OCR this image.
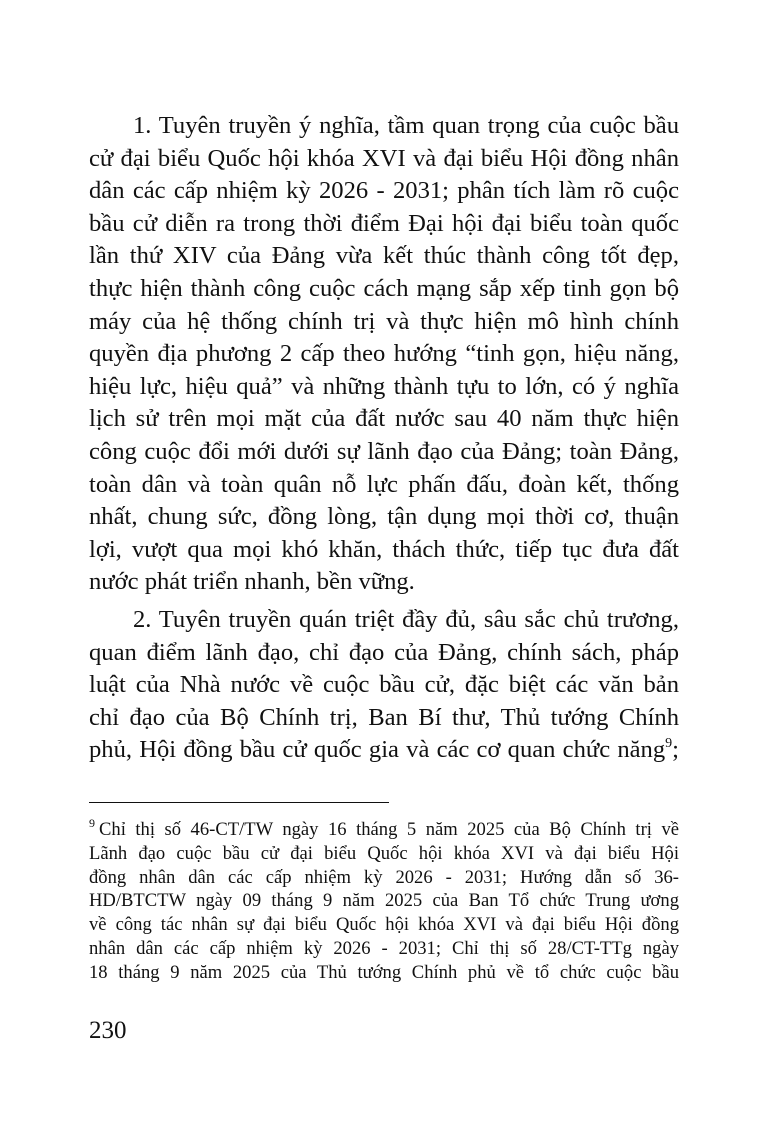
1. Tuyên truyền ý nghĩa, tầm quan trọng của cuộc bầu
cử đại biểu Quốc hội khóa XVI và đại biểu Hội đồng nhân
dân các cấp nhiệm kỳ 2026 - 2031; phân tích làm rõ cuộc
bầu cử diễn ra trong thời điểm Đại hội đại biểu toàn quốc
lần thứ XIV của Đảng vừa kết thúc thành công tốt đẹp,
thực hiện thành công cuộc cách mạng sắp xếp tinh gọn bộ
máy của hệ thống chính trị và thực hiện mô hình chính
quyền địa phương 2 cấp theo hướng “tinh gọn, hiệu năng,
hiệu lực, hiệu quả” và những thành tựu to lớn, có ý nghĩa
lịch sử trên mọi mặt của đất nước sau 40 năm thực hiện
công cuộc đổi mới dưới sự lãnh đạo của Đảng; toàn Đảng,
toàn dân và toàn quân nỗ lực phấn đấu, đoàn kết, thống
nhất, chung sức, đồng lòng, tận dụng mọi thời cơ, thuận
lợi, vượt qua mọi khó khăn, thách thức, tiếp tục đưa đất
nước phát triển nhanh, bền vững.
2. Tuyên truyền quán triệt đầy đủ, sâu sắc chủ trương,
quan điểm lãnh đạo, chỉ đạo của Đảng, chính sách, pháp
luật của Nhà nước về cuộc bầu cử, đặc biệt các văn bản
chỉ đạo của Bộ Chính trị, Ban Bí thư, Thủ tướng Chính
phủ, Hội đồng bầu cử quốc gia và các cơ quan chức năng$^9$;
$^9$ Chỉ thị số 46-CT/TW ngày 16 tháng 5 năm 2025 của Bộ Chính trị về
Lãnh đạo cuộc bầu cử đại biểu Quốc hội khóa XVI và đại biểu Hội
đồng nhân dân các cấp nhiệm kỳ 2026 - 2031; Hướng dẫn số 36-
HD/BTCTW ngày 09 tháng 9 năm 2025 của Ban Tổ chức Trung ương
về công tác nhân sự đại biểu Quốc hội khóa XVI và đại biểu Hội đồng
nhân dân các cấp nhiệm kỳ 2026 - 2031; Chỉ thị số 28/CT-TTg ngày
18 tháng 9 năm 2025 của Thủ tướng Chính phủ về tổ chức cuộc bầu
230
